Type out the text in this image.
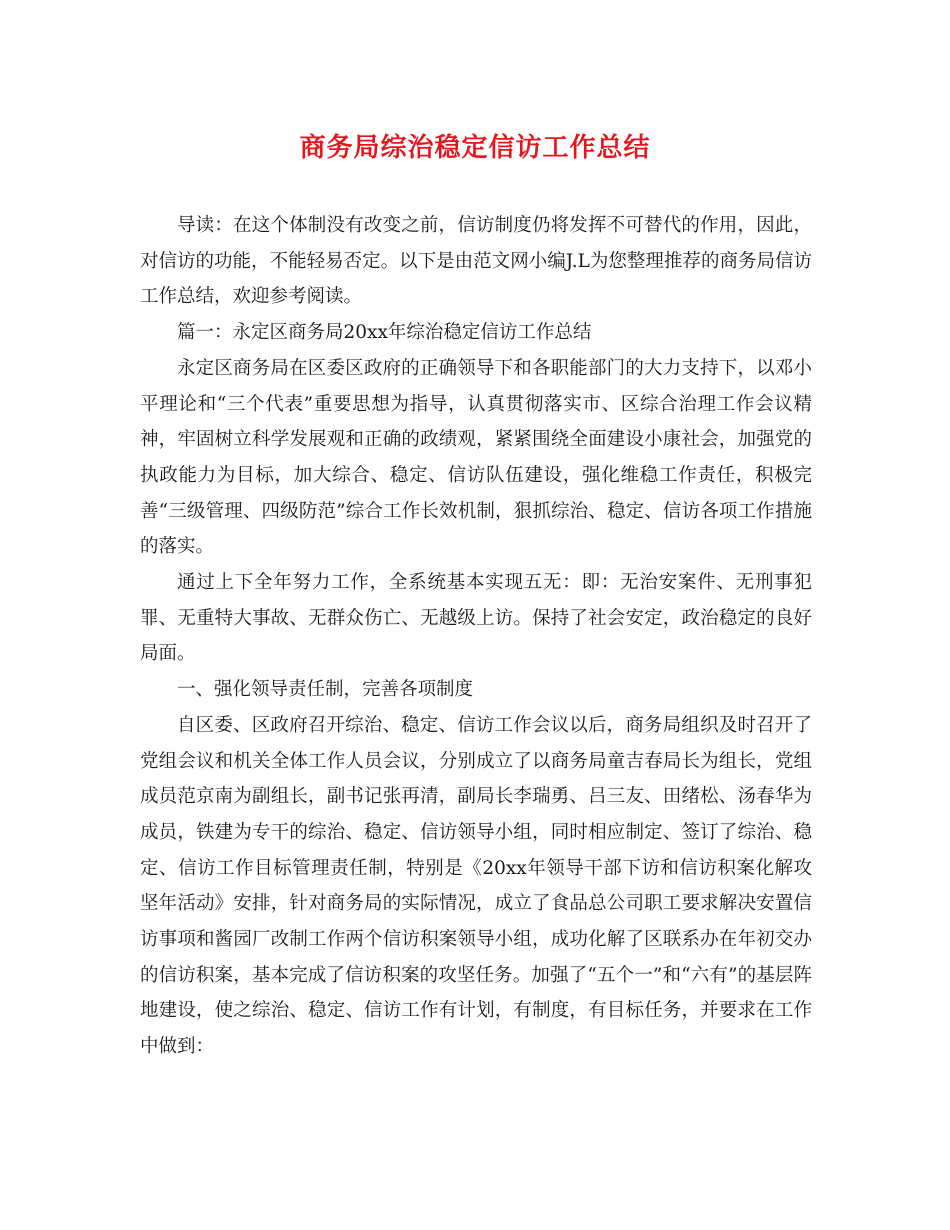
商务局综治稳定信访工作总结

导读：在这个体制没有改变之前，信访制度仍将发挥不可替代的作用，因此，对信访的功能，不能轻易否定。以下是由范文网小编J.L为您整理推荐的商务局信访工作总结，欢迎参考阅读。

篇一：永定区商务局20xx年综治稳定信访工作总结

永定区商务局在区委区政府的正确领导下和各职能部门的大力支持下，以邓小平理论和“三个代表”重要思想为指导，认真贯彻落实市、区综合治理工作会议精神，牢固树立科学发展观和正确的政绩观，紧紧围绕全面建设小康社会，加强党的执政能力为目标，加大综合、稳定、信访队伍建设，强化维稳工作责任，积极完善“三级管理、四级防范”综合工作长效机制，狠抓综治、稳定、信访各项工作措施的落实。

通过上下全年努力工作，全系统基本实现五无：即：无治安案件、无刑事犯罪、无重特大事故、无群众伤亡、无越级上访。保持了社会安定，政治稳定的良好局面。

一、强化领导责任制，完善各项制度

自区委、区政府召开综治、稳定、信访工作会议以后，商务局组织及时召开了党组会议和机关全体工作人员会议，分别成立了以商务局童吉春局长为组长，党组成员范京南为副组长，副书记张再清，副局长李瑞勇、吕三友、田绪松、汤春华为成员，铁建为专干的综治、稳定、信访领导小组，同时相应制定、签订了综治、稳定、信访工作目标管理责任制，特别是《20xx年领导干部下访和信访积案化解攻坚年活动》安排，针对商务局的实际情况，成立了食品总公司职工要求解决安置信访事项和酱园厂改制工作两个信访积案领导小组，成功化解了区联系办在年初交办的信访积案，基本完成了信访积案的攻坚任务。加强了“五个一”和“六有”的基层阵地建设，使之综治、稳定、信访工作有计划，有制度，有目标任务，并要求在工作中做到：
